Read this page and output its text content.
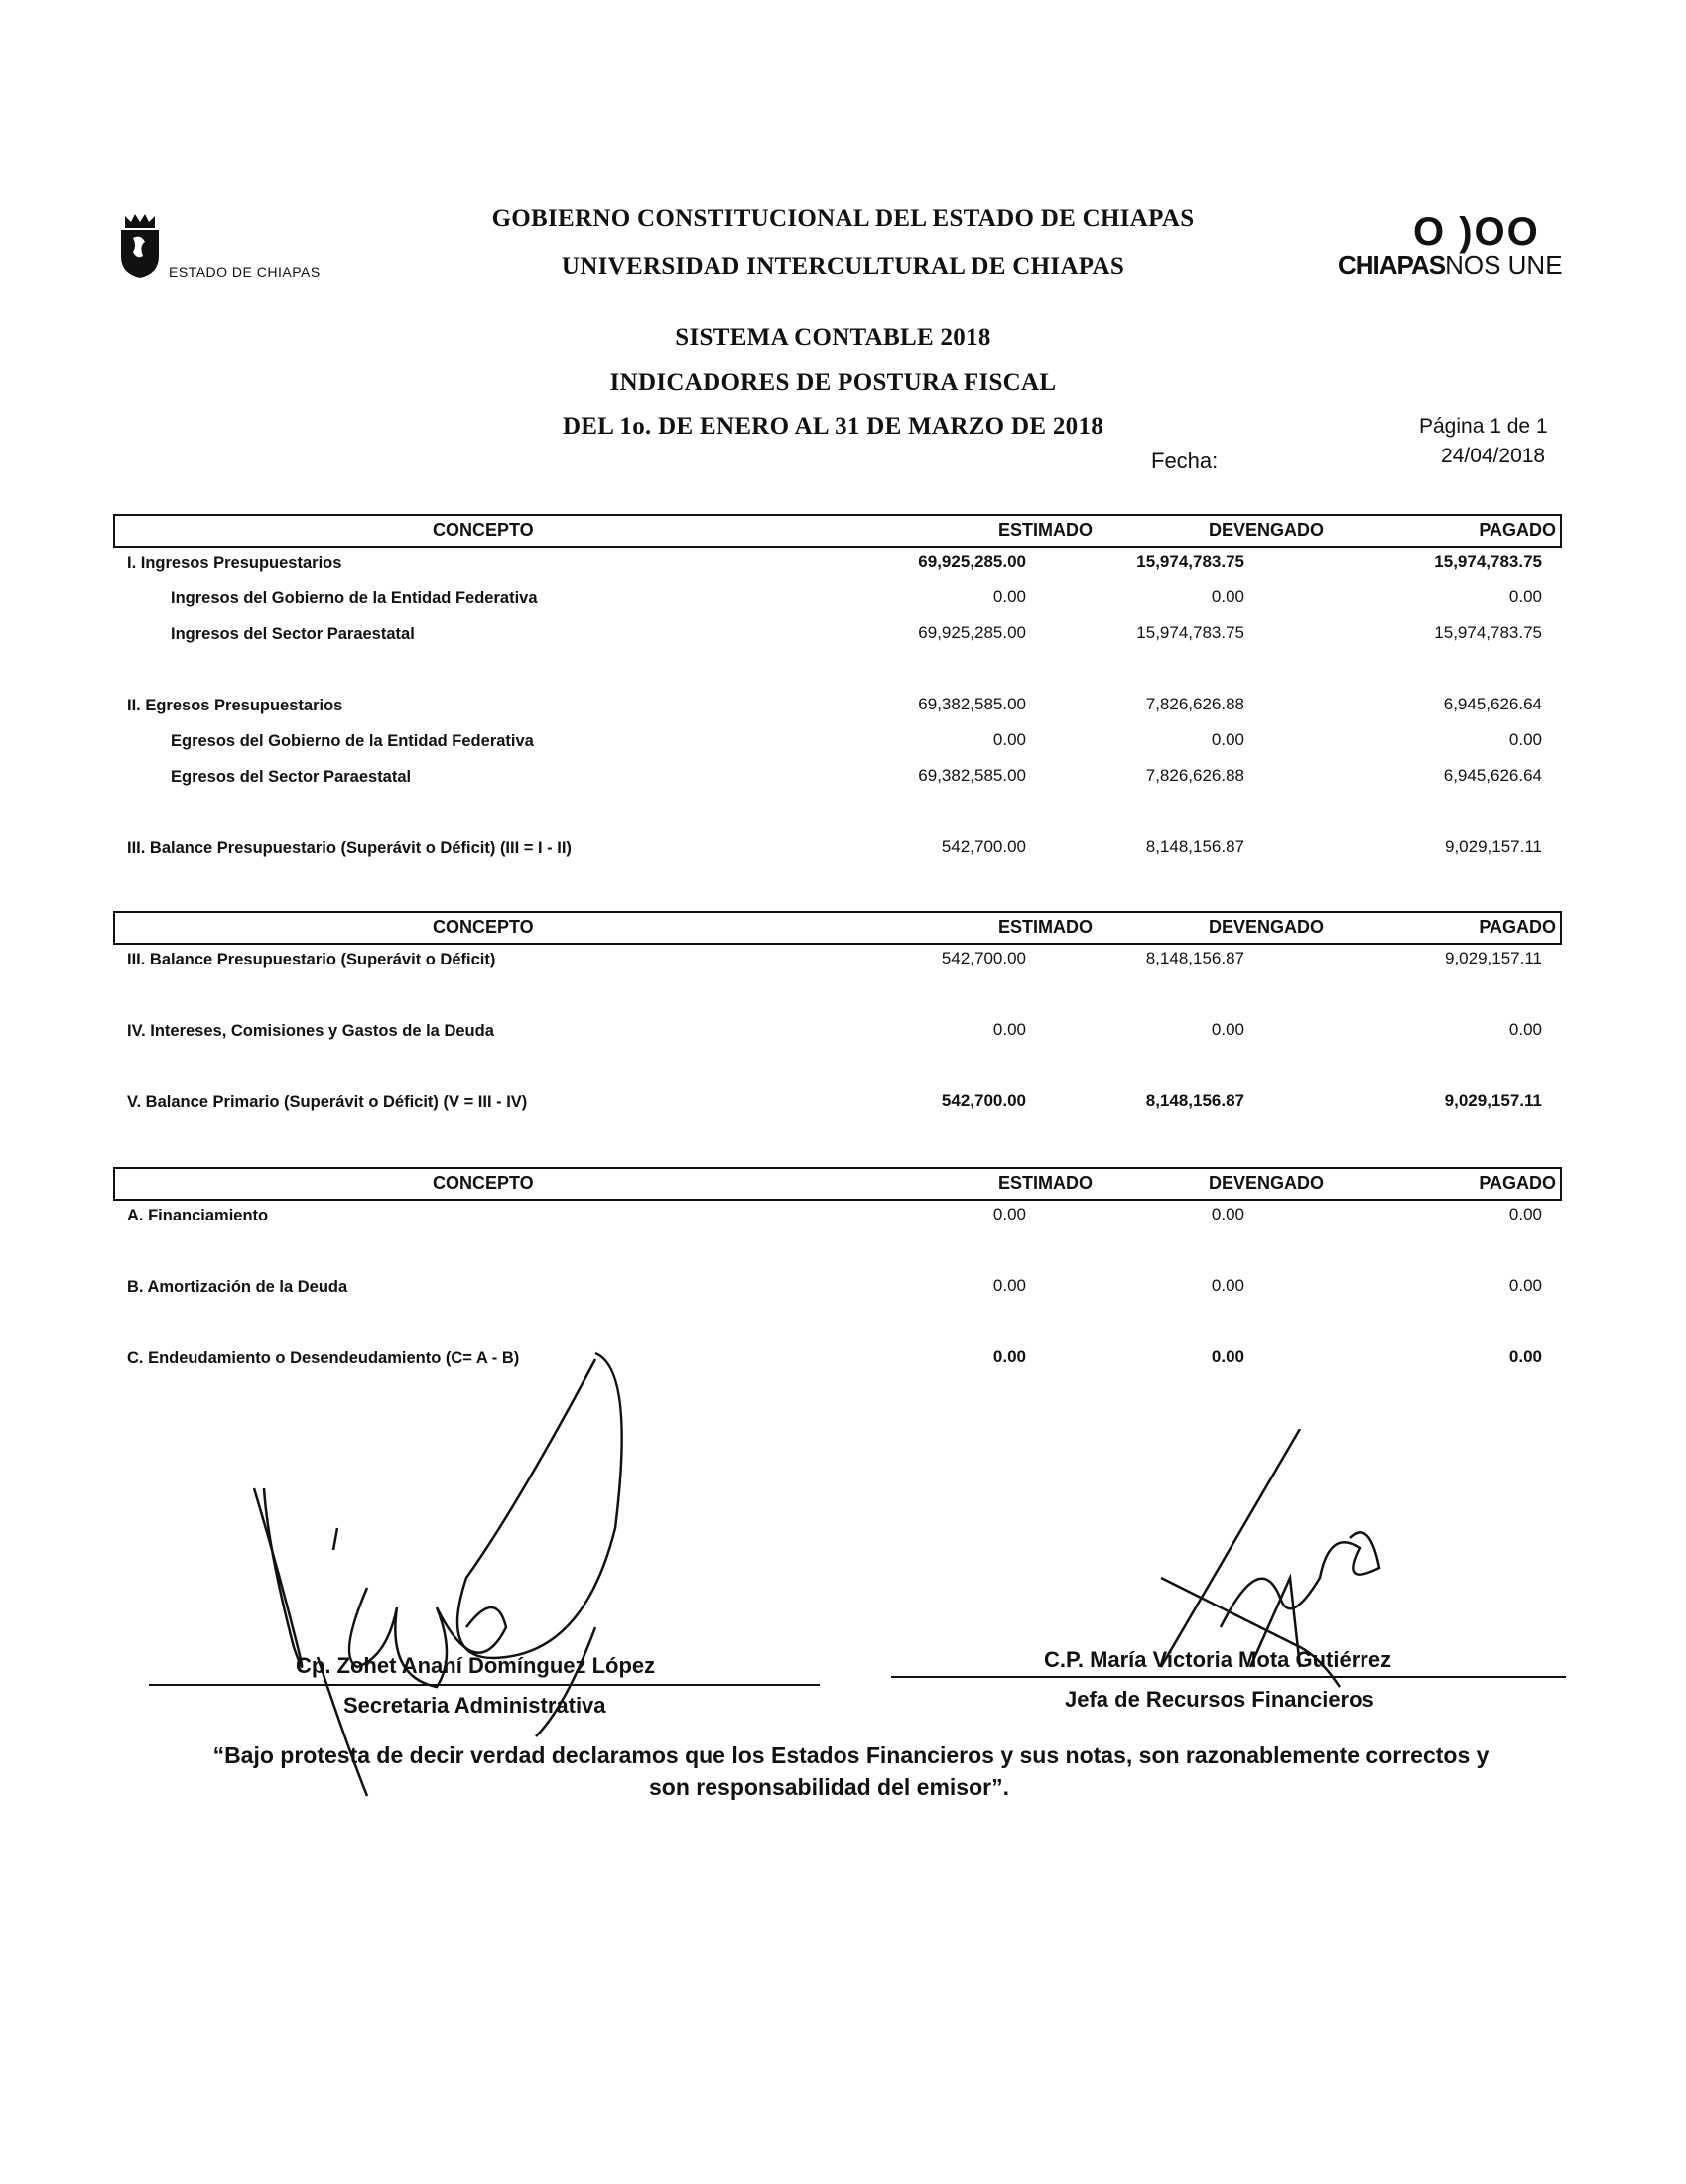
ESTADO DE CHIAPAS
GOBIERNO CONSTITUCIONAL DEL ESTADO DE CHIAPAS
UNIVERSIDAD INTERCULTURAL DE CHIAPAS
O )OO
CHIAPASNOS UNE
SISTEMA CONTABLE 2018
INDICADORES DE POSTURA FISCAL
DEL 1o. DE ENERO AL 31 DE MARZO DE 2018	Página 1 de 1
Fecha:	24/04/2018
CONCEPTO	ESTIMADO	DEVENGADO	PAGADO
I. Ingresos Presupuestarios	69,925,285.00	15,974,783.75	15,974,783.75
Ingresos del Gobierno de la Entidad Federativa	0.00	0.00	0.00
Ingresos del Sector Paraestatal	69,925,285.00	15,974,783.75	15,974,783.75
II. Egresos Presupuestarios	69,382,585.00	7,826,626.88	6,945,626.64
Egresos del Gobierno de la Entidad Federativa	0.00	0.00	0.00
Egresos del Sector Paraestatal	69,382,585.00	7,826,626.88	6,945,626.64
III. Balance Presupuestario (Superávit o Déficit) (III = I - II)	542,700.00	8,148,156.87	9,029,157.11
CONCEPTO	ESTIMADO	DEVENGADO	PAGADO
III. Balance Presupuestario (Superávit o Déficit)	542,700.00	8,148,156.87	9,029,157.11
IV. Intereses, Comisiones y Gastos de la Deuda	0.00	0.00	0.00
V. Balance Primario (Superávit o Déficit) (V = III - IV)	542,700.00	8,148,156.87	9,029,157.11
CONCEPTO	ESTIMADO	DEVENGADO	PAGADO
A. Financiamiento	0.00	0.00	0.00
B. Amortización de la Deuda	0.00	0.00	0.00
C. Endeudamiento o Desendeudamiento (C= A - B)	0.00	0.00	0.00
Cp. Zohet Ananí Domínguez López
Secretaria Administrativa
C.P. María Victoria Mota Gutiérrez
Jefa de Recursos Financieros
“Bajo protesta de decir verdad declaramos que los Estados Financieros y sus notas, son razonablemente correctos y
son responsabilidad del emisor”.
